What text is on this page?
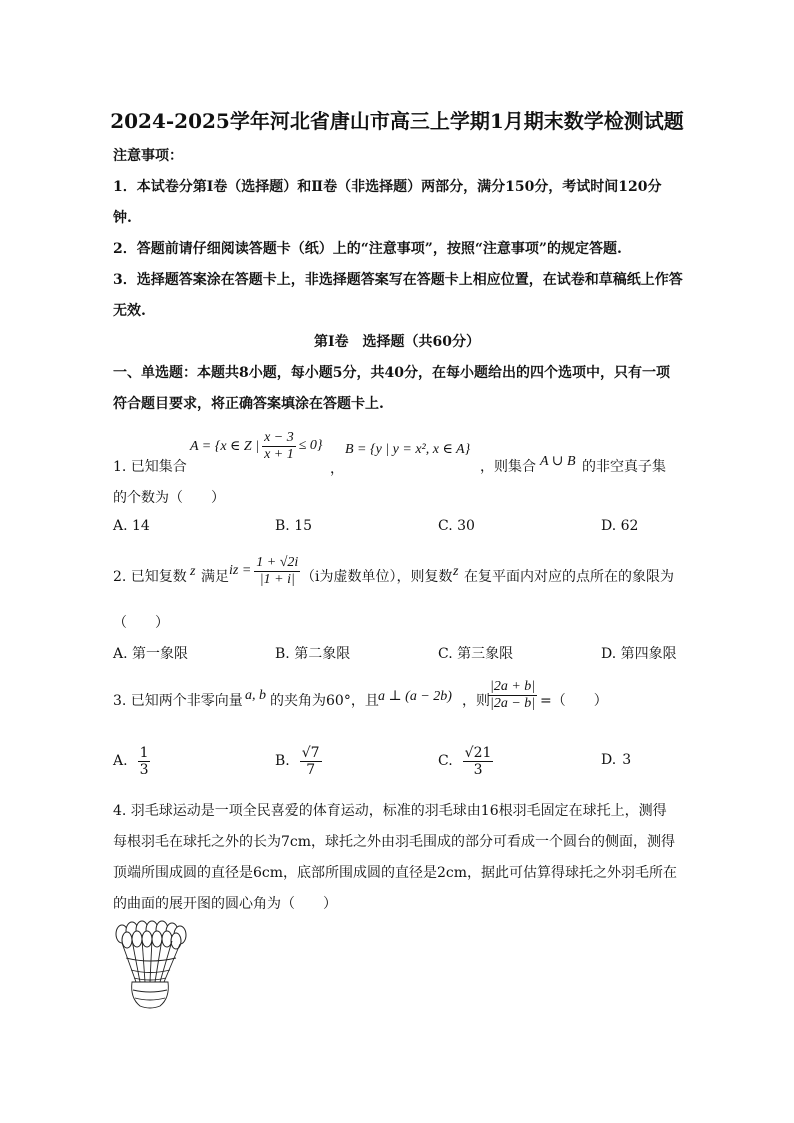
2024-2025学年河北省唐山市高三上学期1月期末数学检测试题
注意事项：
1．本试卷分第Ⅰ卷（选择题）和Ⅱ卷（非选择题）两部分，满分150分，考试时间120分
钟.
2．答题前请仔细阅读答题卡（纸）上的“注意事项”，按照“注意事项”的规定答题.
3．选择题答案涂在答题卡上，非选择题答案写在答题卡上相应位置，在试卷和草稿纸上作答
无效.
第Ⅰ卷　选择题（共60分）
一、单选题：本题共8小题，每小题5分，共40分，在每小题给出的四个选项中，只有一项
符合题目要求，将正确答案填涂在答题卡上.
1. 已知集合
A = {x ∈ Z | $\frac{x - 3}{x + 1} \le 0$}
，
B = {y | y = x², x ∈ A}
，则集合 A ∪ B 的非空真子集
的个数为（　　）
A. 14	B. 15	C. 30	D. 62
2. 已知复数 z 满足 iz = $\frac{1 + √2i}{|1 + i|} (i$为虚数单位），则复数 z 在复平面内对应的点所在的象限为
（　　）
A. 第一象限	B. 第二象限	C. 第三象限	D. 第四象限
3. 已知两个非零向量 a, b 的夹角为60°，且 a ⊥ (a − 2b) ，则
$\frac{|2a + b|}{|2a - b|}$ =（　　）
A. $\frac{1}{3}$	B. $\frac{√7}{7}$	C. $\frac{√21}{3}$	D. 3
4. 羽毛球运动是一项全民喜爱的体育运动，标准的羽毛球由16根羽毛固定在球托上，测得
每根羽毛在球托之外的长为7cm，球托之外由羽毛围成的部分可看成一个圆台的侧面，测得
顶端所围成圆的直径是6cm，底部所围成圆的直径是2cm，据此可估算得球托之外羽毛所在
的曲面的展开图的圆心角为（　　）
